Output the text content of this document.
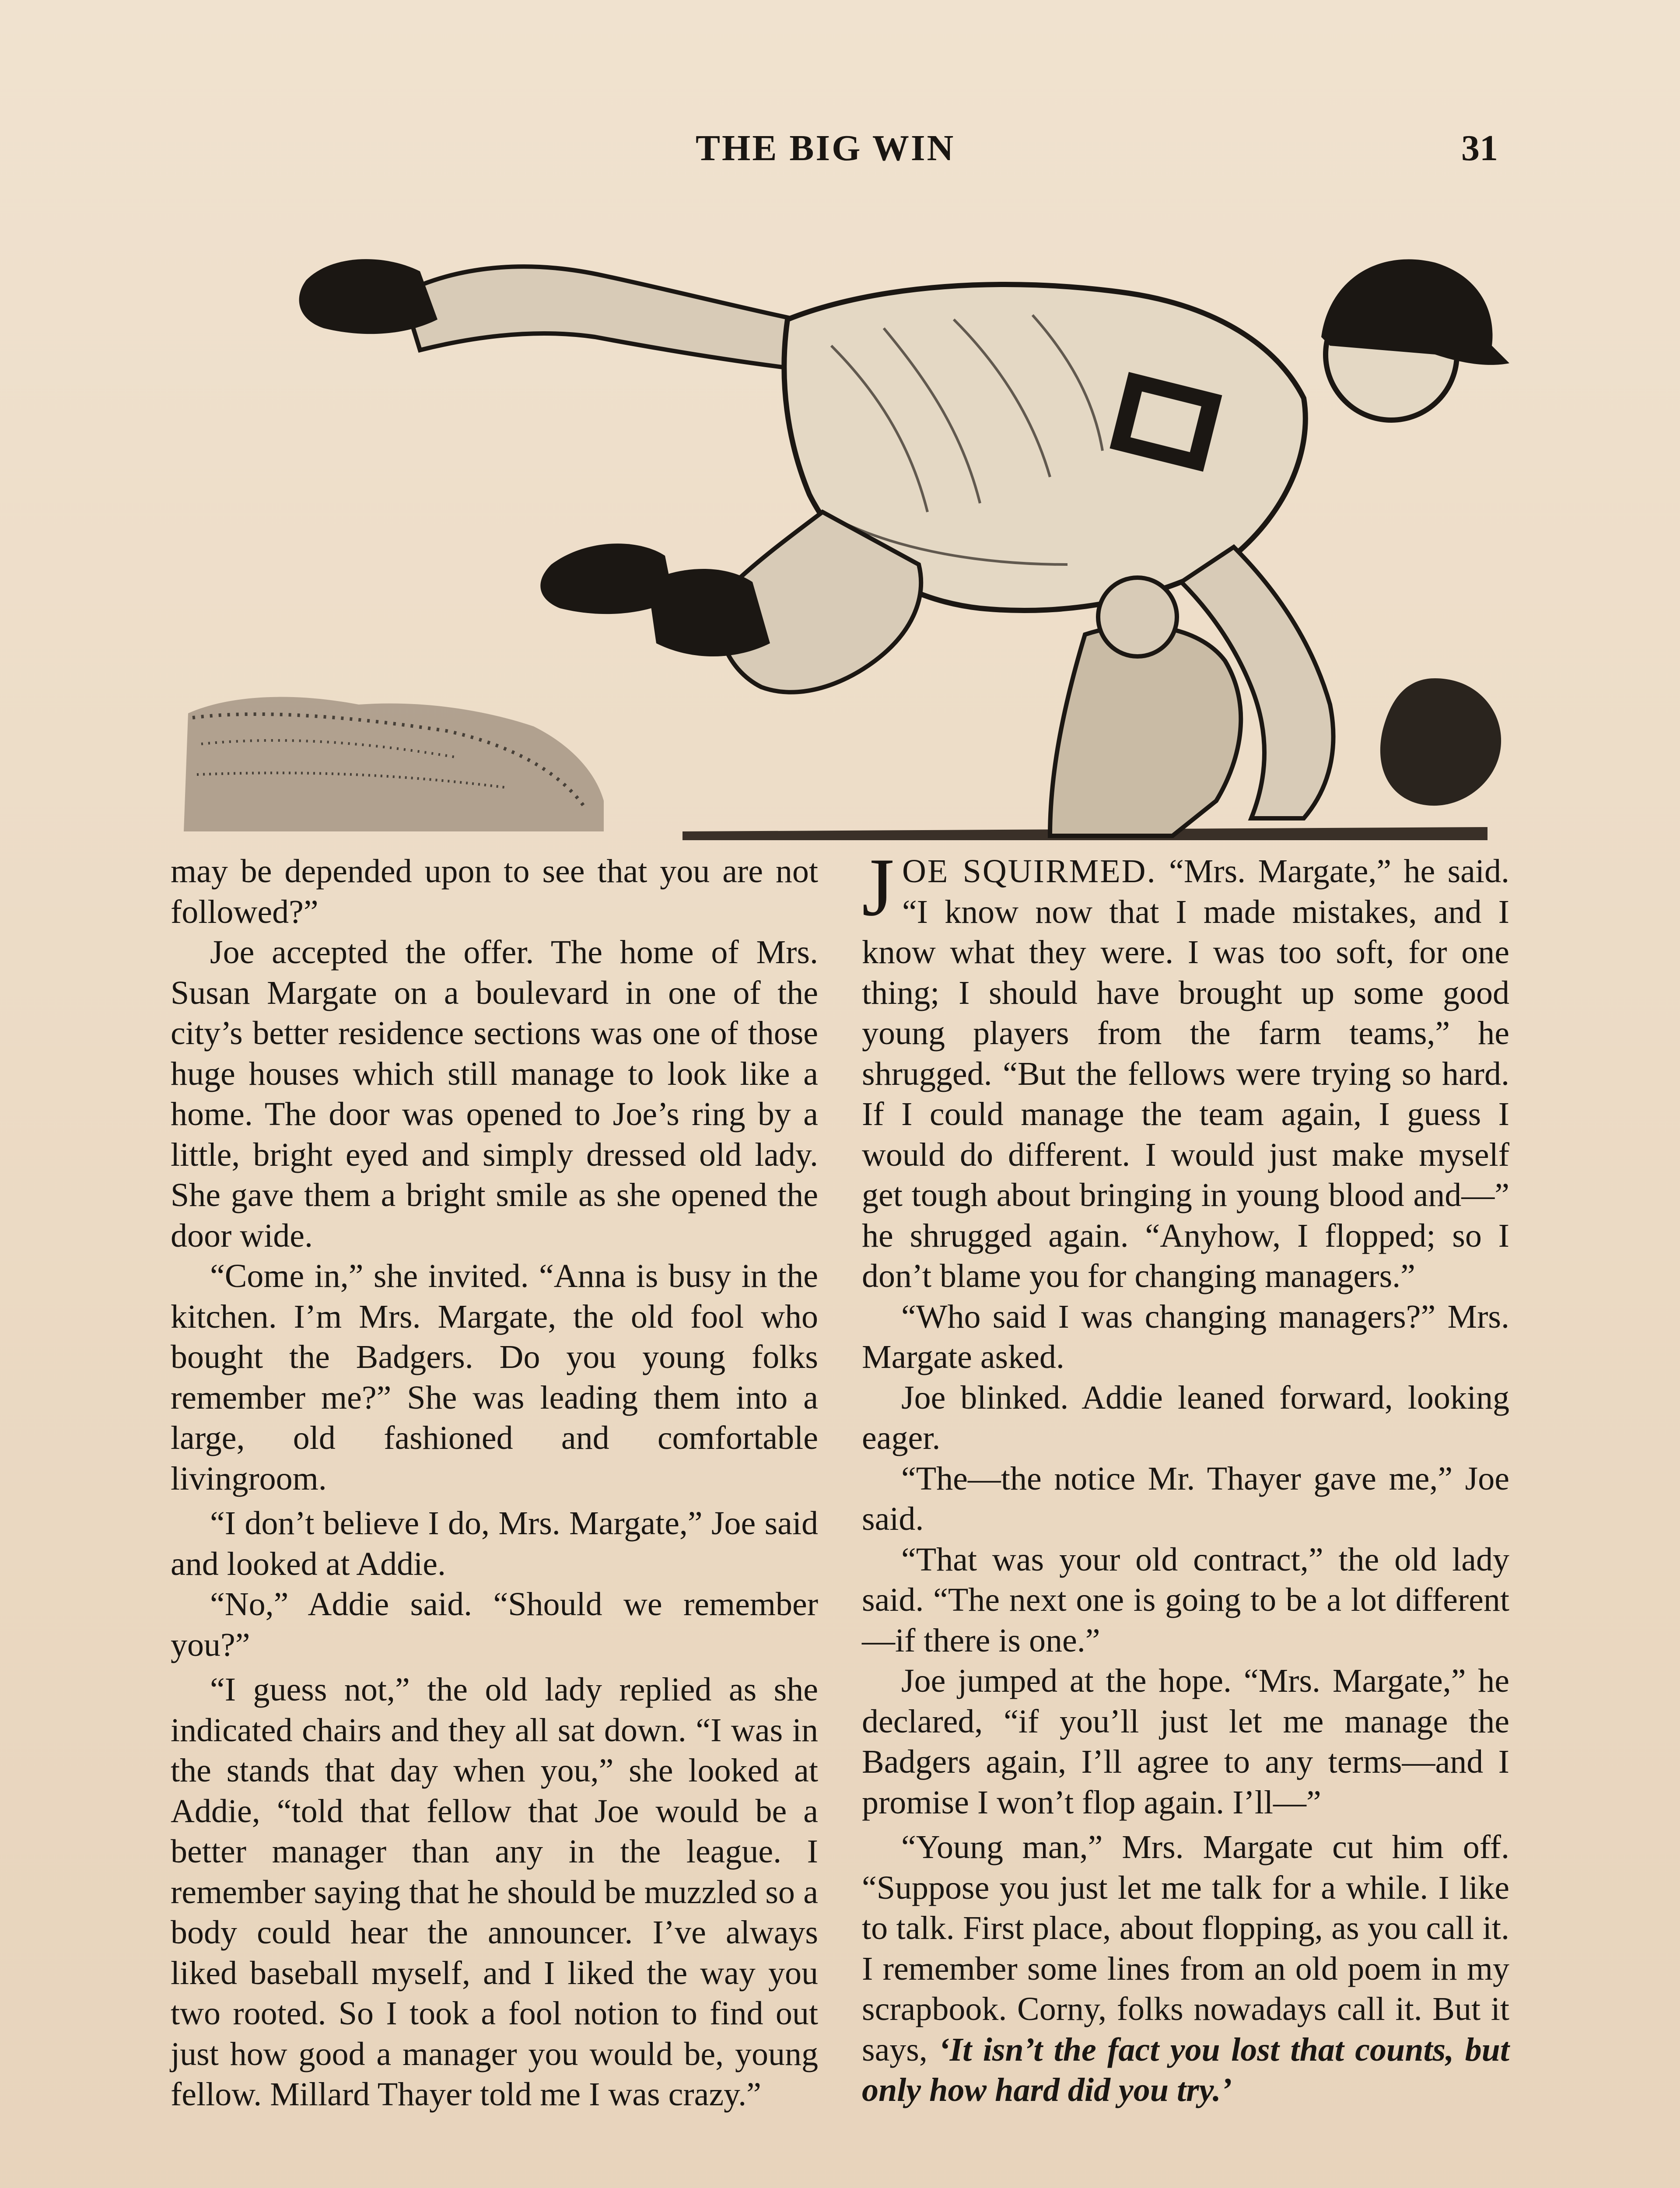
THE BIG WIN	31

may be depended upon to see that you are not followed?”

Joe accepted the offer. The home of Mrs. Susan Margate on a boulevard in one of the city’s better residence sections was one of those huge houses which still manage to look like a home. The door was opened to Joe’s ring by a little, bright eyed and simply dressed old lady. She gave them a bright smile as she opened the door wide.

“Come in,” she invited. “Anna is busy in the kitchen. I’m Mrs. Margate, the old fool who bought the Badgers. Do you young folks remember me?” She was leading them into a large, old fashioned and comfortable livingroom.

“I don’t believe I do, Mrs. Margate,” Joe said and looked at Addie.

“No,” Addie said. “Should we remember you?”

“I guess not,” the old lady replied as she indicated chairs and they all sat down. “I was in the stands that day when you,” she looked at Addie, “told that fellow that Joe would be a better manager than any in the league. I remember saying that he should be muzzled so a body could hear the announcer. I’ve always liked baseball myself, and I liked the way you two rooted. So I took a fool notion to find out just how good a manager you would be, young fellow. Millard Thayer told me I was crazy.”

JOE SQUIRMED. “Mrs. Margate,” he said. “I know now that I made mistakes, and I know what they were. I was too soft, for one thing; I should have brought up some good young players from the farm teams,” he shrugged. “But the fellows were trying so hard. If I could manage the team again, I guess I would do different. I would just make myself get tough about bringing in young blood and—” he shrugged again. “Anyhow, I flopped; so I don’t blame you for changing managers.”

“Who said I was changing managers?” Mrs. Margate asked.

Joe blinked. Addie leaned forward, looking eager.

“The—the notice Mr. Thayer gave me,” Joe said.

“That was your old contract,” the old lady said. “The next one is going to be a lot different—if there is one.”

Joe jumped at the hope. “Mrs. Margate,” he declared, “if you’ll just let me manage the Badgers again, I’ll agree to any terms—and I promise I won’t flop again. I’ll—”

“Young man,” Mrs. Margate cut him off. “Suppose you just let me talk for a while. I like to talk. First place, about flopping, as you call it. I remember some lines from an old poem in my scrapbook. Corny, folks nowadays call it. But it says, ‘It isn’t the fact you lost that counts, but only how hard did you try.’
